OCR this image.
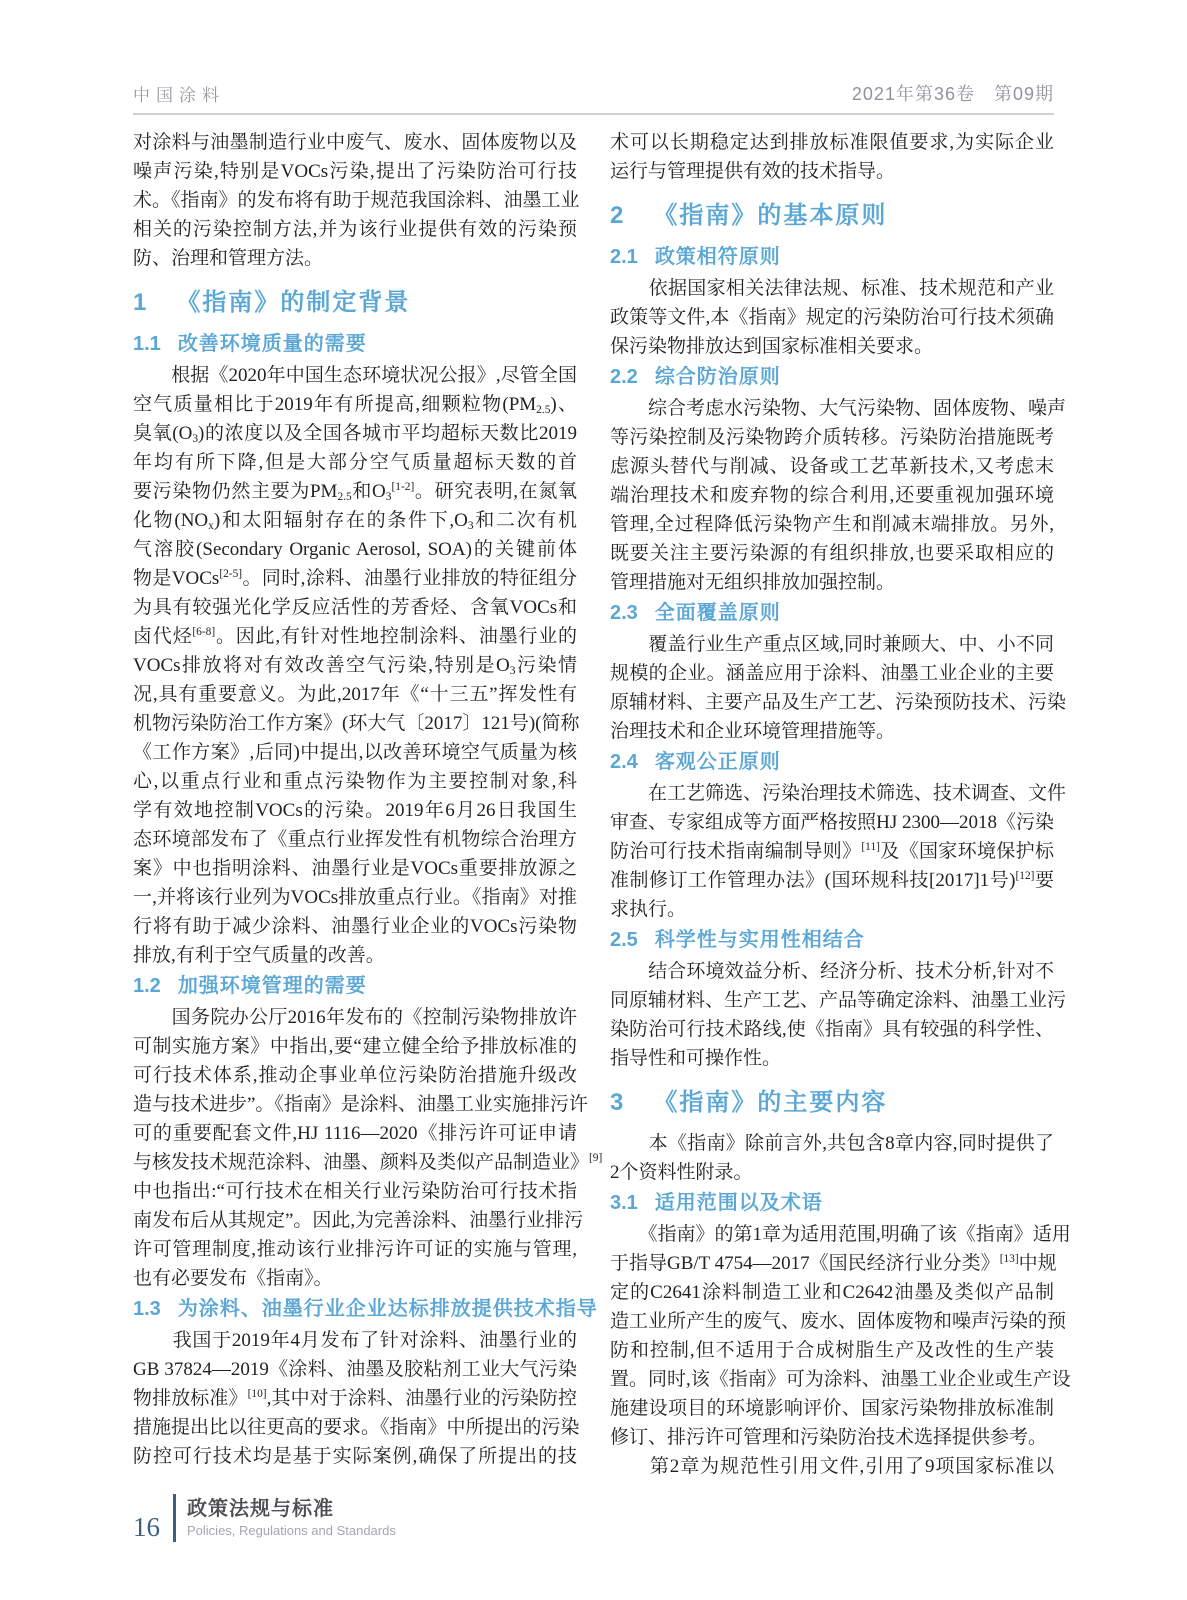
中国涂料	2021年第36卷　第09期
对涂料与油墨制造行业中废气、废水、固体废物以及
噪声污染,特别是VOCs污染,提出了污染防治可行技
术。《指南》的发布将有助于规范我国涂料、油墨工业
相关的污染控制方法,并为该行业提供有效的污染预
防、治理和管理方法。
1 《指南》的制定背景
1.1 改善环境质量的需要
　　根据《2020年中国生态环境状况公报》,尽管全国
空气质量相比于2019年有所提高,细颗粒物$(PM_{2.5})$、
臭氧$(O_3)$的浓度以及全国各城市平均超标天数比2019
年均有所下降,但是大部分空气质量超标天数的首
要污染物仍然主要为$PM_{2.5}$和$O_3[1-2]$。研究表明,在氮氧
化物$(NO_x)$和太阳辐射存在的条件下$,O_3$和二次有机
气溶胶(Secondary Organic Aerosol, SOA)的关键前体
物是VOCs[2-5]。同时,涂料、油墨行业排放的特征组分
为具有较强光化学反应活性的芳香烃、含氧VOCs和
卤代烃[6-8]。因此,有针对性地控制涂料、油墨行业的
VOCs排放将对有效改善空气污染,特别是$O_3$污染情
况,具有重要意义。为此,2017年《“十三五”挥发性有
机物污染防治工作方案》(环大气〔2017〕121号)(简称
《工作方案》,后同)中提出,以改善环境空气质量为核
心,以重点行业和重点污染物作为主要控制对象,科
学有效地控制VOCs的污染。2019年6月26日我国生
态环境部发布了《重点行业挥发性有机物综合治理方
案》中也指明涂料、油墨行业是VOCs重要排放源之
一,并将该行业列为VOCs排放重点行业。《指南》对推
行将有助于减少涂料、油墨行业企业的VOCs污染物
排放,有利于空气质量的改善。
1.2 加强环境管理的需要
　　国务院办公厅2016年发布的《控制污染物排放许
可制实施方案》中指出,要“建立健全给予排放标准的
可行技术体系,推动企事业单位污染防治措施升级改
造与技术进步”。《指南》是涂料、油墨工业实施排污许
可的重要配套文件,HJ 1116—2020《排污许可证申请
与核发技术规范涂料、油墨、颜料及类似产品制造业》[9]
中也指出:“可行技术在相关行业污染防治可行技术指
南发布后从其规定”。因此,为完善涂料、油墨行业排污
许可管理制度,推动该行业排污许可证的实施与管理,
也有必要发布《指南》。
1.3 为涂料、油墨行业企业达标排放提供技术指导
　　我国于2019年4月发布了针对涂料、油墨行业的
GB 37824—2019《涂料、油墨及胶粘剂工业大气污染
物排放标准》[10],其中对于涂料、油墨行业的污染防控
措施提出比以往更高的要求。《指南》中所提出的污染
防控可行技术均是基于实际案例,确保了所提出的技
术可以长期稳定达到排放标准限值要求,为实际企业
运行与管理提供有效的技术指导。
2 《指南》的基本原则
2.1 政策相符原则
　　依据国家相关法律法规、标准、技术规范和产业
政策等文件,本《指南》规定的污染防治可行技术须确
保污染物排放达到国家标准相关要求。
2.2 综合防治原则
　　综合考虑水污染物、大气污染物、固体废物、噪声
等污染控制及污染物跨介质转移。污染防治措施既考
虑源头替代与削减、设备或工艺革新技术,又考虑末
端治理技术和废弃物的综合利用,还要重视加强环境
管理,全过程降低污染物产生和削减末端排放。另外,
既要关注主要污染源的有组织排放,也要采取相应的
管理措施对无组织排放加强控制。
2.3 全面覆盖原则
　　覆盖行业生产重点区域,同时兼顾大、中、小不同
规模的企业。涵盖应用于涂料、油墨工业企业的主要
原辅材料、主要产品及生产工艺、污染预防技术、污染
治理技术和企业环境管理措施等。
2.4 客观公正原则
　　在工艺筛选、污染治理技术筛选、技术调查、文件
审查、专家组成等方面严格按照HJ 2300—2018《污染
防治可行技术指南编制导则》[11]及《国家环境保护标
准制修订工作管理办法》(国环规科技[2017]1号)[12]要
求执行。
2.5 科学性与实用性相结合
　　结合环境效益分析、经济分析、技术分析,针对不
同原辅材料、生产工艺、产品等确定涂料、油墨工业污
染防治可行技术路线,使《指南》具有较强的科学性、
指导性和可操作性。
3 《指南》的主要内容
　　本《指南》除前言外,共包含8章内容,同时提供了
2个资料性附录。
3.1 适用范围以及术语
　　《指南》的第1章为适用范围,明确了该《指南》适用
于指导GB/T 4754—2017《国民经济行业分类》[13]中规
定的C2641涂料制造工业和C2642油墨及类似产品制
造工业所产生的废气、废水、固体废物和噪声污染的预
防和控制,但不适用于合成树脂生产及改性的生产装
置。同时,该《指南》可为涂料、油墨工业企业或生产设
施建设项目的环境影响评价、国家污染物排放标准制
修订、排污许可管理和污染防治技术选择提供参考。
　　第2章为规范性引用文件,引用了9项国家标准以
16
政策法规与标准
Policies, Regulations and Standards
